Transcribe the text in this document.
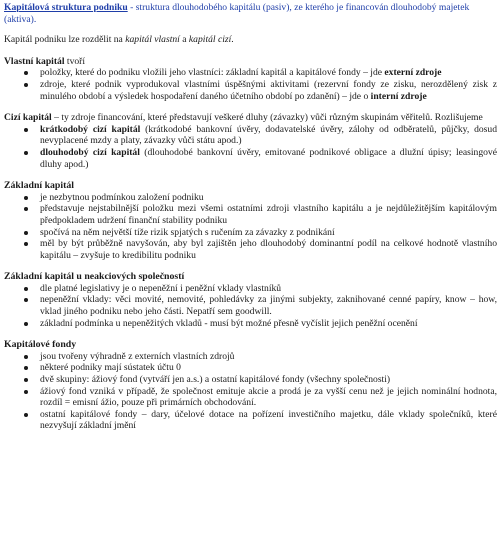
Kapitálová struktura podniku - struktura dlouhodobého kapitálu (pasiv), ze kterého je financován dlouhodobý majetek (aktiva).

Kapitál podniku lze rozdělit na kapitál vlastní a kapitál cizí.

Vlastní kapitál tvoří

položky, které do podniku vložili jeho vlastníci: základní kapitál a kapitálové fondy – jde externí zdroje
zdroje, které podnik vyprodukoval vlastními úspěšnými aktivitami (rezervní fondy ze zisku, nerozdělený zisk z minulého období a výsledek hospodaření daného účetního období po zdanění) – jde o interní zdroje

Cizí kapitál – ty zdroje financování, které představují veškeré dluhy (závazky) vůči různým skupinám věřitelů. Rozlišujeme

krátkodobý cizí kapitál (krátkodobé bankovní úvěry, dodavatelské úvěry, zálohy od odběratelů, půjčky, dosud nevyplacené mzdy a platy, závazky vůči státu apod.)
dlouhodobý cizí kapitál (dlouhodobé bankovní úvěry, emitované podnikové obligace a dlužní úpisy; leasingové dluhy apod.)
Základní kapitál
je nezbytnou podmínkou založení podniku
představuje nejstabilnější položku mezi všemi ostatními zdroji vlastního kapitálu a je nejdůležitějším kapitálovým předpokladem udržení finanční stability podniku
spočívá na něm největší tíže rizik spjatých s ručením za závazky z podnikání
měl by být průběžně navyšován, aby byl zajištěn jeho dlouhodobý dominantní podíl na celkové hodnotě vlastního kapitálu – zvyšuje to kredibilitu podniku
Základní kapitál u neakciových společností
dle platné legislativy je o nepeněžní i peněžní vklady vlastníků
nepeněžní vklady: věci movité, nemovité, pohledávky za jinými subjekty, zaknihované cenné papíry, know – how, vklad jiného podniku nebo jeho části. Nepatří sem goodwill.
základní podmínka u nepeněžitých vkladů - musí být možné přesně vyčíslit jejich peněžní ocenění
Kapitálové fondy
jsou tvořeny výhradně z externích vlastních zdrojů
některé podniky mají sústatek účtu 0
dvě skupiny: ážiový fond (vytváří jen a.s.) a ostatní kapitálové fondy (všechny společnosti)
ážiový fond vzniká v případě, že společnost emituje akcie a prodá je za vyšší cenu než je jejich nominální hodnota, rozdíl = emisní ážio, pouze při primárních obchodování.
ostatní kapitálové fondy – dary, účelové dotace na pořízení investičního majetku, dále vklady společníků, které nezvyšují základní jmění
